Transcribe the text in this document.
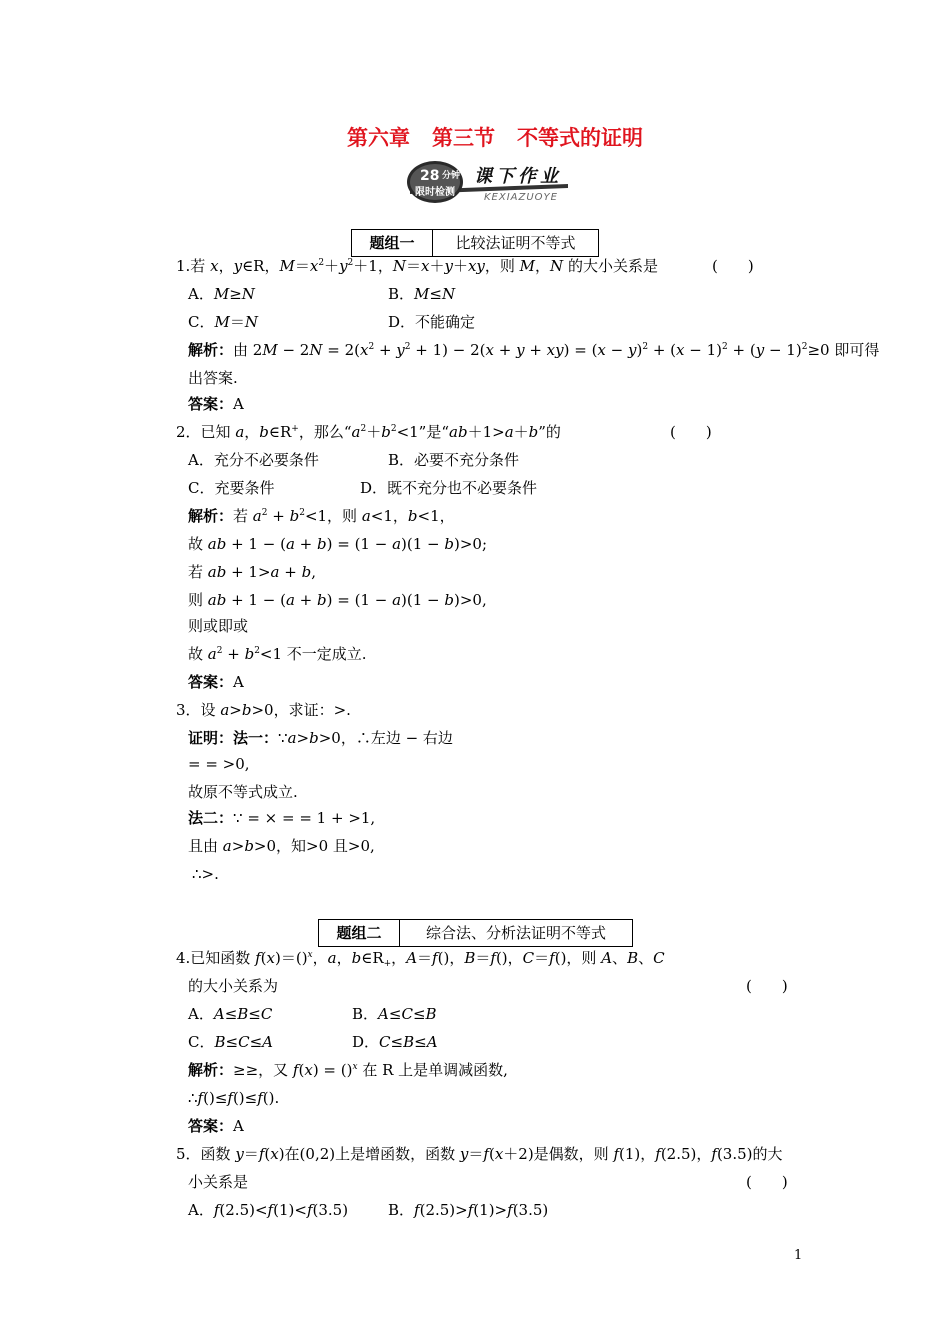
第六章 第三节 不等式的证明
28 分钟
限时检测
课下作业
KEXIAZUOYE
题组一	比较法证明不等式
1.若 x，y∈R，$M=x^2+y^2+1$，N＝x＋y＋xy，则 M，N 的大小关系是	(　　)
A．M≥N	B．M≤N
C．M＝N	D．不能确定
解析：由 $2M - 2N = 2(x^2 + y^2 + 1) - 2(x + y + xy) = (x - y)^2 + (x - 1)^2 + (y - 1)^2\ge 0$ 即可得
出答案.
答案：A
2．已知 a，b∈R+，那么“$a^2+b^2<1$”是“ab＋1>a＋b”的	(　　)
A．充分不必要条件	B．必要不充分条件
C．充要条件	D．既不充分也不必要条件
解析：若 $a^2 + b^2<1$，则 a<1，b<1，
故 ab + 1 − (a + b) = (1 − a)(1 − b)>0;
若 ab + 1>a + b,
则 ab + 1 − (a + b) = (1 − a)(1 − b)>0,
则或即或
故 $a^2 + b^2<1$ 不一定成立.
答案：A
3．设 a>b>0，求证：>.
证明：法一：∵a>b>0，∴左边 − 右边
= = >0,
故原不等式成立.
法二：∵ = × = = 1 + >1,
且由 a>b>0，知>0 且>0,
∴>.
题组二	综合法、分析法证明不等式
4.已知函数 f(x)＝()$^x$，a，$b\in R_+$，A＝f()，B＝f()，C＝f()，则 A、B、C
的大小关系为	(　　)
A．A≤B≤C	B．A≤C≤B
C．B≤C≤A	D．C≤B≤A
解析：≥≥，又 f(x) = ()$^x$ 在 R 上是单调减函数,
∴f()≤f()≤f().
答案：A
5．函数 y＝f(x)在(0,2)上是增函数，函数 y＝f(x＋2)是偶数，则 f(1)，f(2.5)，f(3.5)的大
小关系是	(　　)
A．f(2.5)<f(1)<f(3.5)	B．f(2.5)>f(1)>f(3.5)
1
